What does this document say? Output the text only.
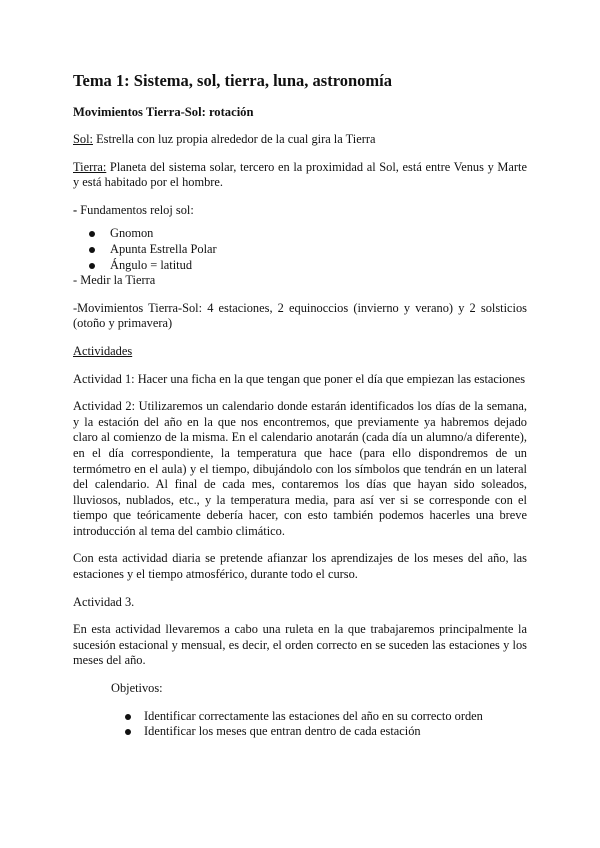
Tema 1: Sistema, sol, tierra, luna, astronomía
Movimientos Tierra-Sol: rotación

Sol: Estrella con luz propia alrededor de la cual gira la Tierra

Tierra: Planeta del sistema solar, tercero en la proximidad al Sol, está entre Venus y Marte y está habitado por el hombre.

- Fundamentos reloj sol:

Gnomon
Apunta Estrella Polar
Ángulo = latitud

- Medir la Tierra

-Movimientos Tierra-Sol: 4 estaciones, 2 equinoccios (invierno y verano) y 2 solsticios (otoño y primavera)

Actividades

Actividad 1: Hacer una ficha en la que tengan que poner el día que empiezan las estaciones

Actividad 2: Utilizaremos un calendario donde estarán identificados los días de la semana, y la estación del año en la que nos encontremos, que previamente ya habremos dejado claro al comienzo de la misma. En el calendario anotarán (cada día un alumno/a diferente), en el día correspondiente, la temperatura que hace (para ello dispondremos de un termómetro en el aula) y el tiempo, dibujándolo con los símbolos que tendrán en un lateral del calendario. Al final de cada mes, contaremos los días que hayan sido soleados, lluviosos, nublados, etc., y la temperatura media, para así ver si se corresponde con el tiempo que teóricamente debería hacer, con esto también podemos hacerles una breve introducción al tema del cambio climático.

Con esta actividad diaria se pretende afianzar los aprendizajes de los meses del año, las estaciones y el tiempo atmosférico, durante todo el curso.

Actividad 3.

En esta actividad llevaremos a cabo una ruleta en la que trabajaremos principalmente la sucesión estacional y mensual, es decir, el orden correcto en se suceden las estaciones y los meses del año.

Objetivos:

Identificar correctamente las estaciones del año en su correcto orden
Identificar los meses que entran dentro de cada estación
